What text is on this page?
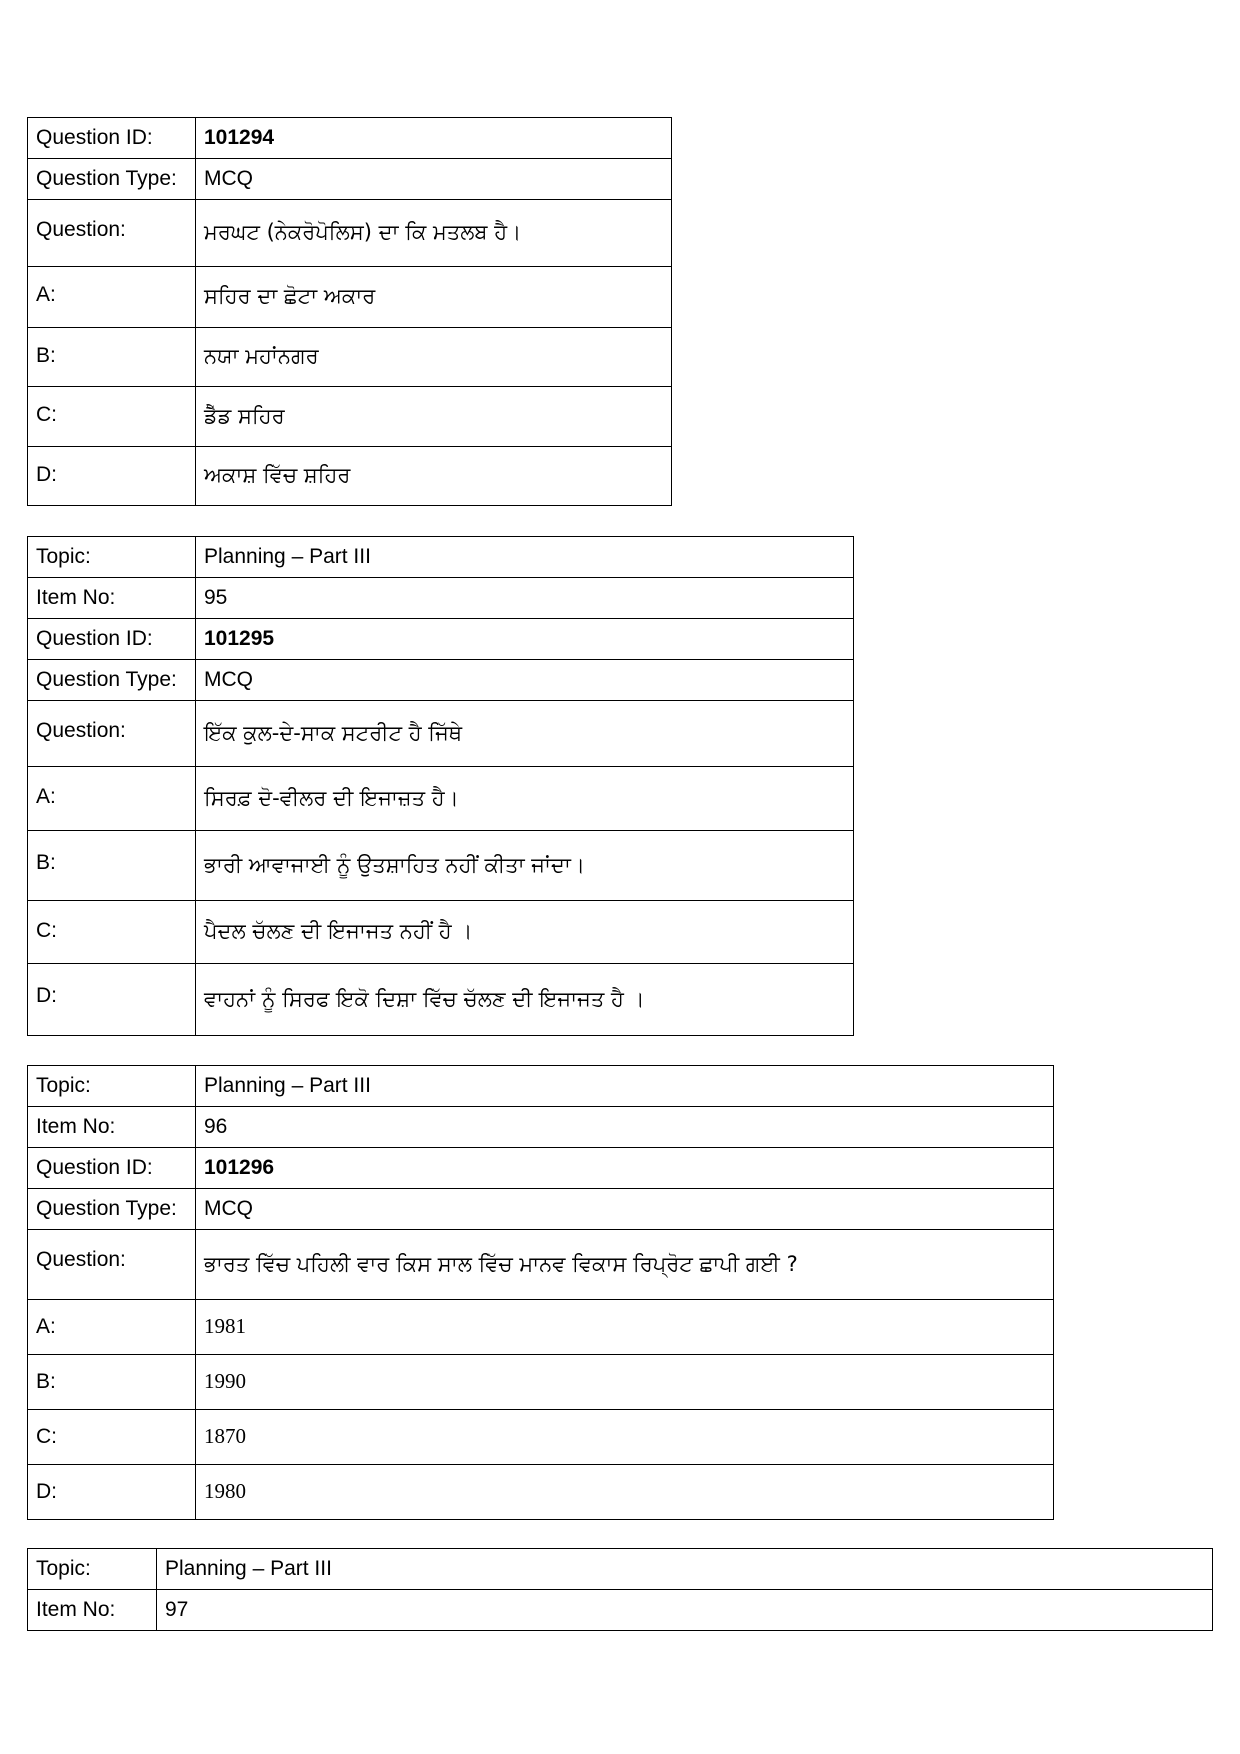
Question ID:	101294
Question Type:	MCQ
Question:	ਮਰਘਟ (ਨੇਕਰੋਪੋਲਿਸ) ਦਾ ਕਿ ਮਤਲਬ ਹੈ।
A:	ਸਹਿਰ ਦਾ ਛੋਟਾ ਅਕਾਰ
B:	ਨਯਾ ਮਹਾਂਨਗਰ
C:	ਡੈੱਡ ਸਹਿਰ
D:	ਅਕਾਸ਼ ਵਿੱਚ ਸ਼ਹਿਰ
Topic:	Planning – Part III
Item No:	95
Question ID:	101295
Question Type:	MCQ
Question:	ਇੱਕ ਕੁਲ-ਦੇ-ਸਾਕ ਸਟਰੀਟ ਹੈ ਜਿੱਥੇ
A:	ਸਿਰਫ਼ ਦੋ-ਵੀਲਰ ਦੀ ਇਜਾਜ਼ਤ ਹੈ।
B:	ਭਾਰੀ ਆਵਾਜਾਈ ਨੂੰ ਉਤਸ਼ਾਹਿਤ ਨਹੀਂ ਕੀਤਾ ਜਾਂਦਾ।
C:	ਪੈਦਲ ਚੱਲਣ ਦੀ ਇਜਾਜਤ ਨਹੀਂ ਹੈ ।
D:	ਵਾਹਨਾਂ ਨੂੰ ਸਿਰਫ ਇਕੋ ਦਿਸ਼ਾ ਵਿੱਚ ਚੱਲਣ ਦੀ ਇਜਾਜਤ ਹੈ ।
Topic:	Planning – Part III
Item No:	96
Question ID:	101296
Question Type:	MCQ
Question:	ਭਾਰਤ ਵਿੱਚ ਪਹਿਲੀ ਵਾਰ ਕਿਸ ਸਾਲ ਵਿੱਚ ਮਾਨਵ ਵਿਕਾਸ ਰਿਪ੍ਰੋਟ ਛਾਪੀ ਗਈ ?
A:	1981
B:	1990
C:	1870
D:	1980
Topic:	Planning – Part III
Item No:	97
